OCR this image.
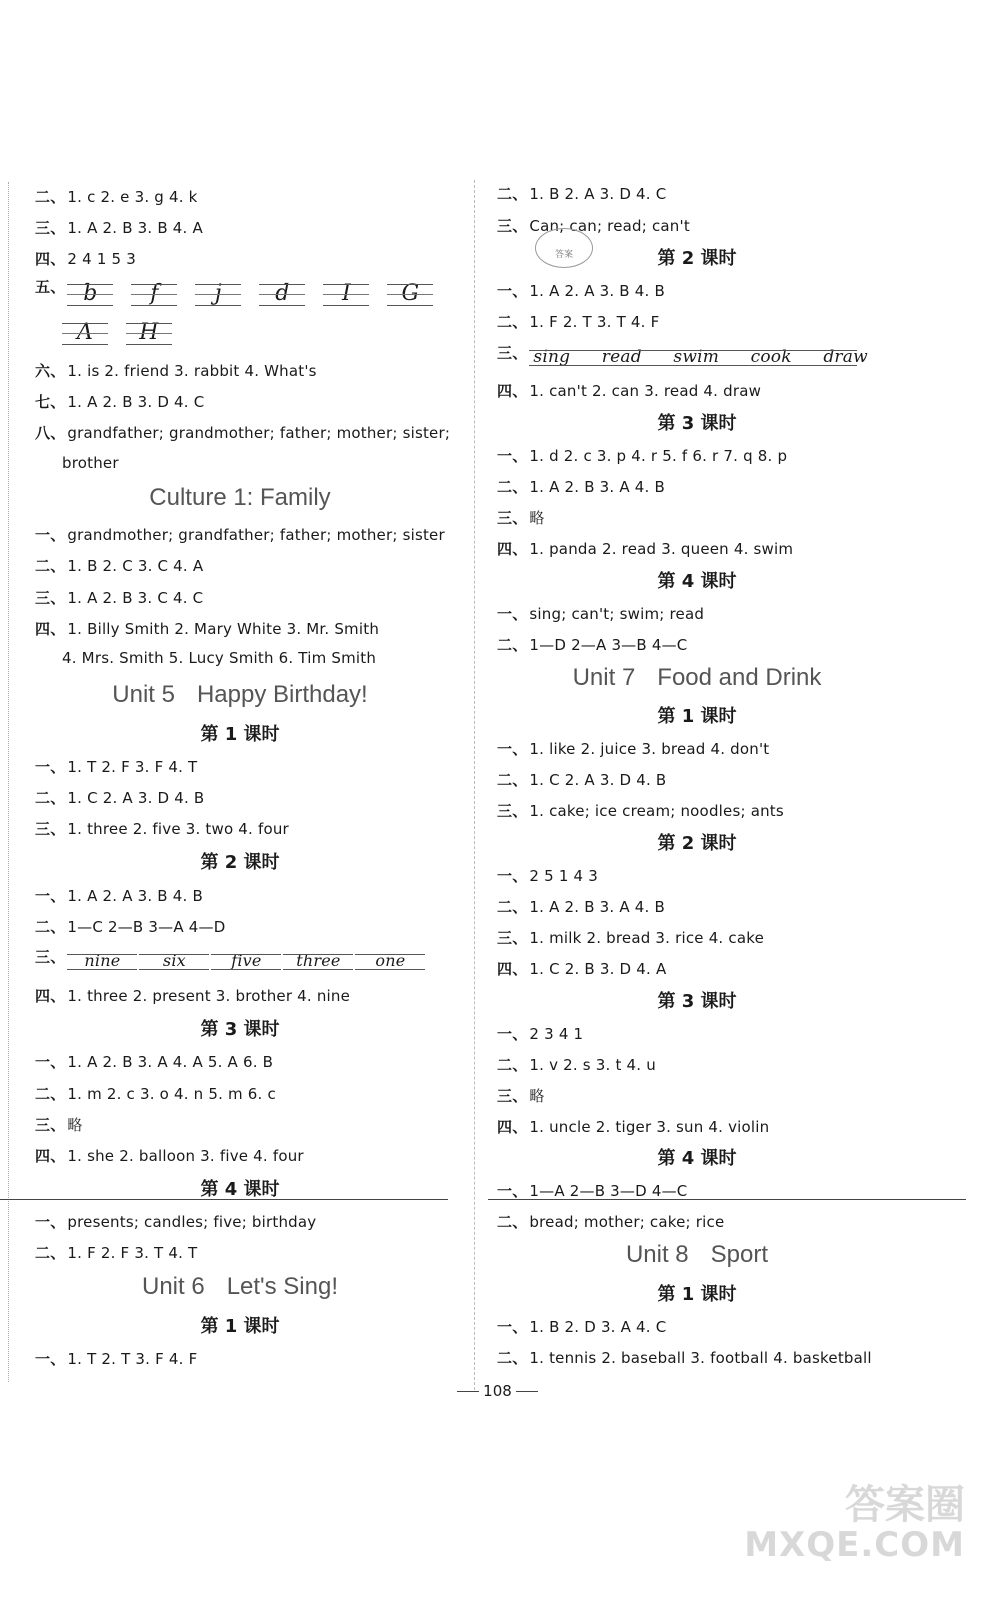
二、 1. c 2. e 3. g 4. k
三、 1. A 2. B 3. B 4. A
四、 2 4 1 5 3
五、 b f	j d I G
A H
六、 1. is 2. friend 3. rabbit 4. What's
七、 1. A 2. B 3. D 4. C
八、 grandfather; grandmother; father; mother; sister;
brother
Culture 1: Family
一、 grandmother; grandfather; father; mother; sister
二、 1. B 2. C 3. C 4. A
三、 1. A 2. B 3. C 4. C
四、 1. Billy Smith 2. Mary White 3. Mr. Smith
4. Mrs. Smith 5. Lucy Smith 6. Tim Smith
Unit 5 Happy Birthday!
第 1 课时
一、 1. T 2. F 3. F 4. T
二、 1. C 2. A 3. D 4. B
三、 1. three 2. five 3. two 4. four
第 2 课时
一、 1. A 2. A 3. B 4. B
二、 1—C 2—B 3—A 4—D
三、 nine	six	five three one
四、 1. three 2. present 3. brother 4. nine
第 3 课时
一、 1. A 2. B 3. A 4. A 5. A 6. B
二、 1. m 2. c 3. o 4. n 5. m 6. c
三、 略
四、 1. she 2. balloon 3. five 4. four
第 4 课时
一、 presents; candles; five; birthday
二、 1. F 2. F 3. T 4. T
Unit 6 Let's Sing!
第 1 课时
一、 1. T 2. T 3. F 4. F
二、 1. B 2. A 3. D 4. C
三、 Can; can; read; can't
第 2 课时
一、 1. A 2. A 3. B 4. B
二、 1. F 2. T 3. T 4. F
三、 sing read swim cook draw
四、 1. can't 2. can 3. read 4. draw
第 3 课时
一、 1. d 2. c 3. p 4. r 5. f 6. r 7. q 8. p
二、 1. A 2. B 3. A 4. B
三、 略
四、 1. panda 2. read 3. queen 4. swim
第 4 课时
一、 sing; can't; swim; read
二、 1—D 2—A 3—B 4—C
Unit 7 Food and Drink
第 1 课时
一、 1. like 2. juice 3. bread 4. don't
二、 1. C 2. A 3. D 4. B
三、 1. cake; ice cream; noodles; ants
第 2 课时
一、 2 5 1 4 3
二、 1. A 2. B 3. A 4. B
三、 1. milk 2. bread 3. rice 4. cake
四、 1. C 2. B 3. D 4. A
第 3 课时
一、 2 3 4 1
二、 1. v 2. s 3. t 4. u
三、 略
四、 1. uncle 2. tiger 3. sun 4. violin
第 4 课时
一、 1—A 2—B 3—D 4—C
二、 bread; mother; cake; rice
Unit 8 Sport
第 1 课时
一、 1. B 2. D 3. A 4. C
二、 1. tennis 2. baseball 3. football 4. basketball
答案
108
答案圈
MXQE.COM
